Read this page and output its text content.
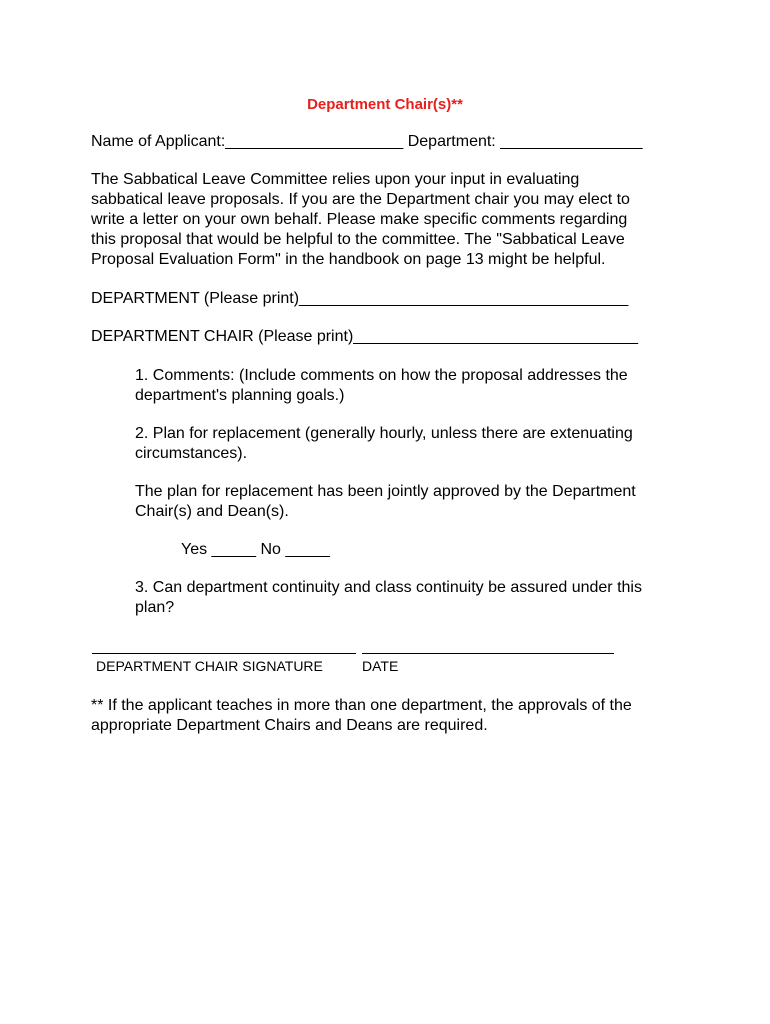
Department Chair(s)**
Name of Applicant:____________________ Department: ________________
The Sabbatical Leave Committee relies upon your input in evaluating
sabbatical leave proposals. If you are the Department chair you may elect to
write a letter on your own behalf. Please make specific comments regarding
this proposal that would be helpful to the committee. The "Sabbatical Leave
Proposal Evaluation Form" in the handbook on page 13 might be helpful.
DEPARTMENT (Please print)_____________________________________
DEPARTMENT CHAIR (Please print)________________________________
1. Comments: (Include comments on how the proposal addresses the
department's planning goals.)
2. Plan for replacement (generally hourly, unless there are extenuating
circumstances).
The plan for replacement has been jointly approved by the Department
Chair(s) and Dean(s).
Yes _____ No _____
3. Can department continuity and class continuity be assured under this
plan?
DEPARTMENT CHAIR SIGNATURE	DATE
** If the applicant teaches in more than one department, the approvals of the
appropriate Department Chairs and Deans are required.
